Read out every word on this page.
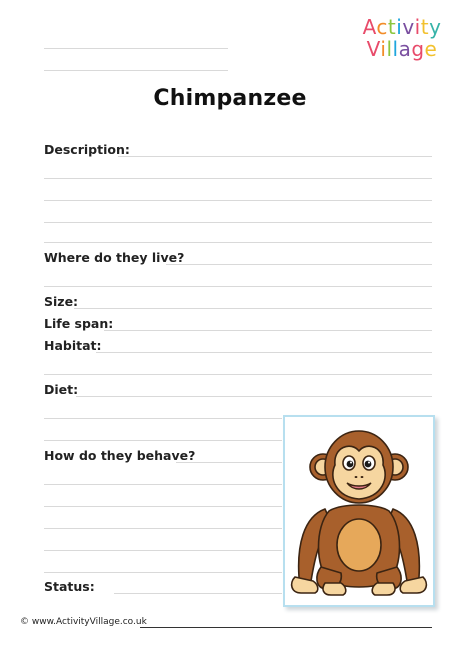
Activity
Village
Chimpanzee
Description:
Where do they live?
Size:
Life span:
Habitat:
Diet:
How do they behave?
Status:
© www.ActivityVillage.co.uk
